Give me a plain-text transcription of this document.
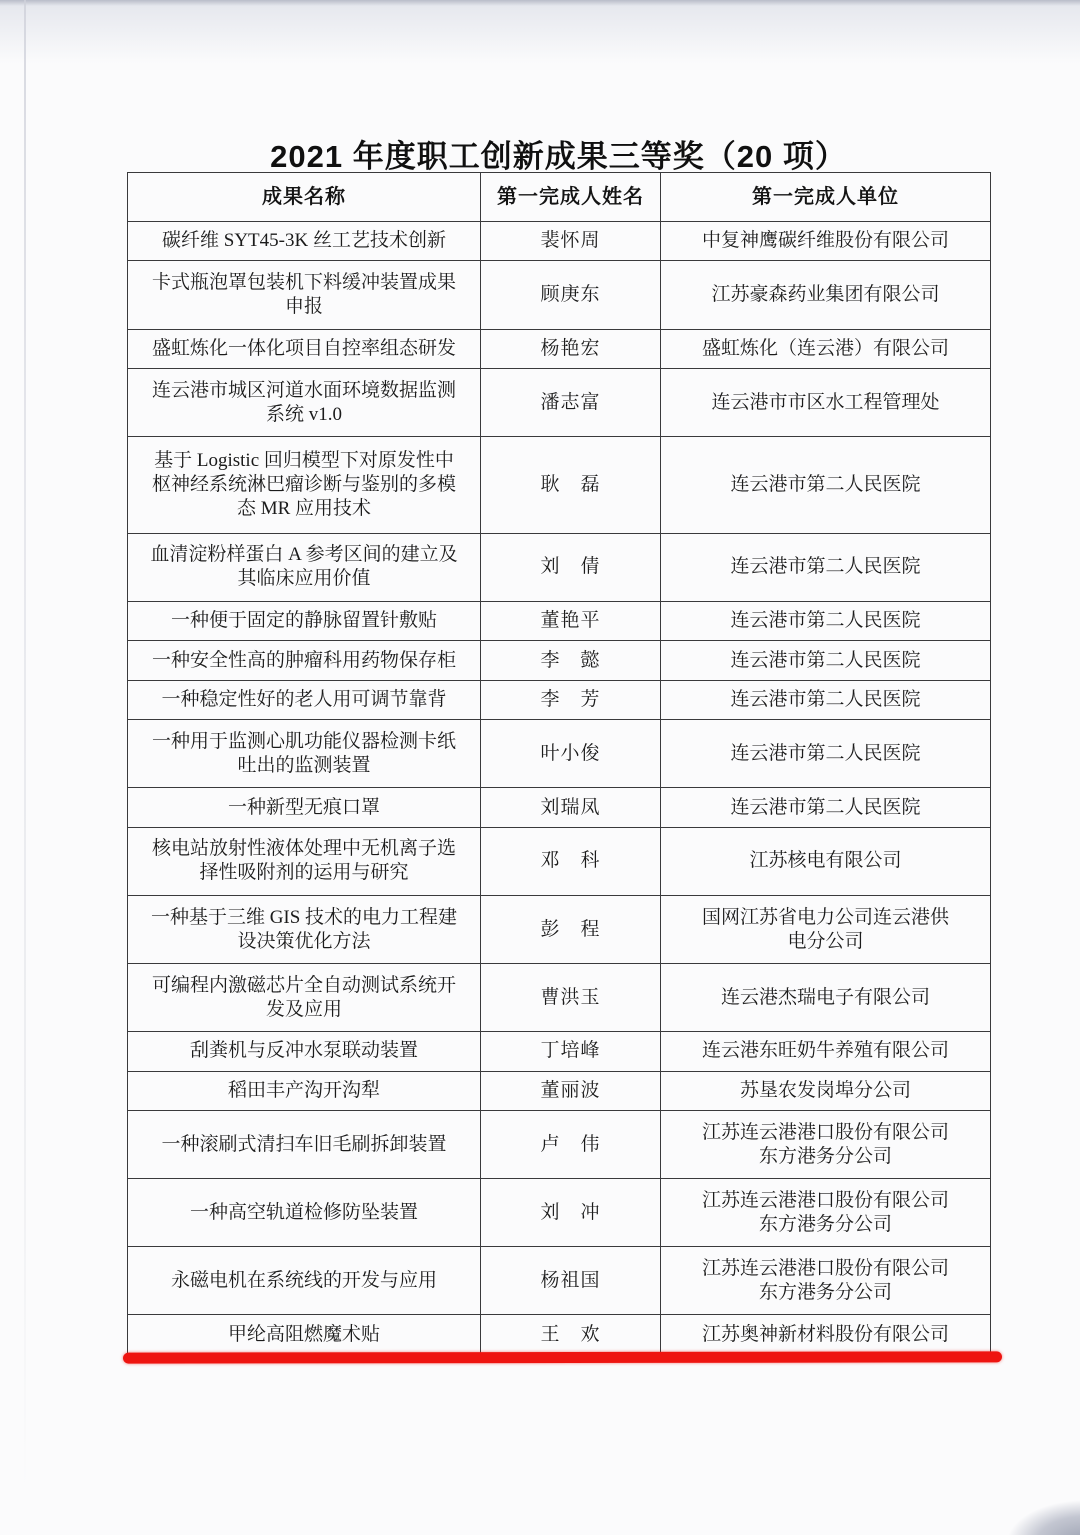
2021 年度职工创新成果三等奖（20 项）
成果名称	第一完成人姓名	第一完成人单位
碳纤维 SYT45-3K 丝工艺技术创新	裴怀周	中复神鹰碳纤维股份有限公司
卡式瓶泡罩包装机下料缓冲装置成果申报	顾庚东	江苏豪森药业集团有限公司
盛虹炼化一体化项目自控率组态研发	杨艳宏	盛虹炼化（连云港）有限公司
连云港市城区河道水面环境数据监测系统 v1.0	潘志富	连云港市市区水工程管理处
基于 Logistic 回归模型下对原发性中枢神经系统淋巴瘤诊断与鉴别的多模态 MR 应用技术	耿　磊	连云港市第二人民医院
血清淀粉样蛋白 A 参考区间的建立及其临床应用价值	刘　倩	连云港市第二人民医院
一种便于固定的静脉留置针敷贴	董艳平	连云港市第二人民医院
一种安全性高的肿瘤科用药物保存柜	李　懿	连云港市第二人民医院
一种稳定性好的老人用可调节靠背	李　芳	连云港市第二人民医院
一种用于监测心肌功能仪器检测卡纸吐出的监测装置	叶小俊	连云港市第二人民医院
一种新型无痕口罩	刘瑞凤	连云港市第二人民医院
核电站放射性液体处理中无机离子选择性吸附剂的运用与研究	邓　科	江苏核电有限公司
一种基于三维 GIS 技术的电力工程建设决策优化方法	彭　程	国网江苏省电力公司连云港供电分公司
可编程内激磁芯片全自动测试系统开发及应用	曹洪玉	连云港杰瑞电子有限公司
刮粪机与反冲水泵联动装置	丁培峰	连云港东旺奶牛养殖有限公司
稻田丰产沟开沟犁	董丽波	苏垦农发岗埠分公司
一种滚刷式清扫车旧毛刷拆卸装置	卢　伟	江苏连云港港口股份有限公司东方港务分公司
一种高空轨道检修防坠装置	刘　冲	江苏连云港港口股份有限公司东方港务分公司
永磁电机在系统线的开发与应用	杨祖国	江苏连云港港口股份有限公司东方港务分公司
甲纶高阻燃魔术贴	王　欢	江苏奥神新材料股份有限公司
